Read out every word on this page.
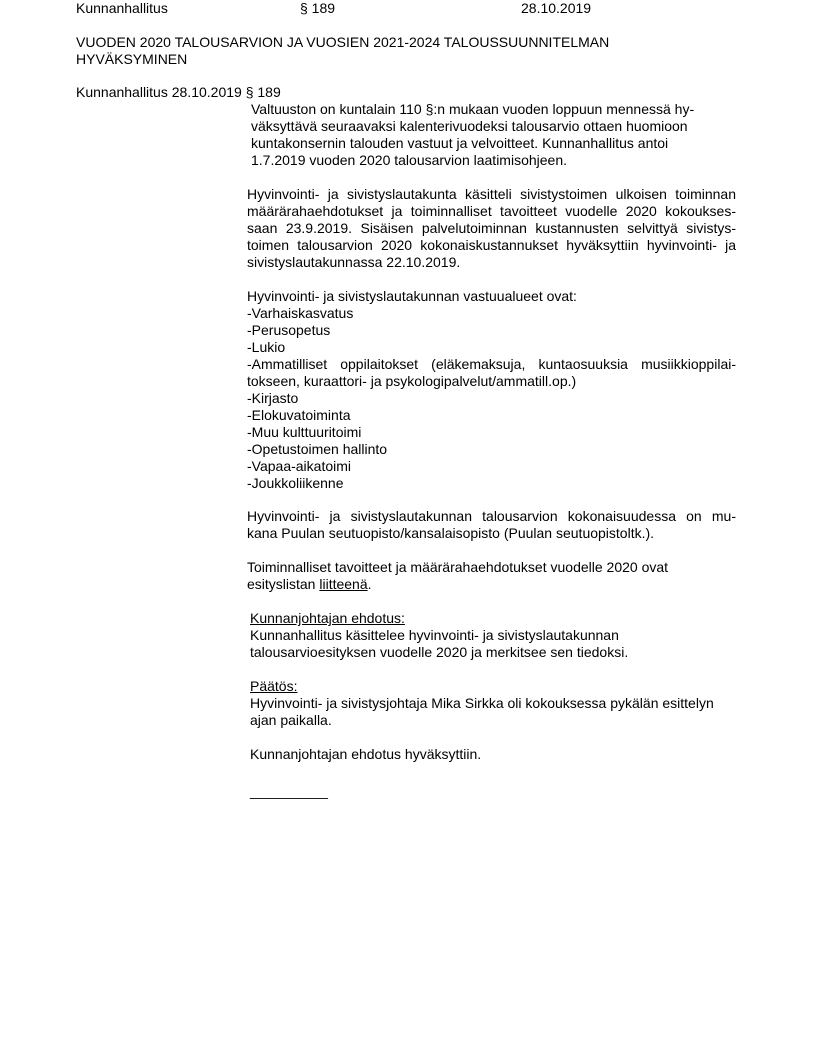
Kunnanhallitus	§ 189	28.10.2019
VUODEN 2020 TALOUSARVION JA VUOSIEN 2021-2024 TALOUSSUUNNITELMAN
HYVÄKSYMINEN
Kunnanhallitus 28.10.2019 § 189
Valtuuston on kuntalain 110 §:n mukaan vuoden loppuun mennessä hy-
väksyttävä seuraavaksi kalenterivuodeksi talousarvio ottaen huomioon
kuntakonsernin talouden vastuut ja velvoitteet. Kunnanhallitus antoi
1.7.2019 vuoden 2020 talousarvion laatimisohjeen.
Hyvinvointi- ja sivistyslautakunta käsitteli sivistystoimen ulkoisen toiminnan
määrärahaehdotukset ja toiminnalliset tavoitteet vuodelle 2020 kokoukses-
saan 23.9.2019. Sisäisen palvelutoiminnan kustannusten selvittyä sivistys-
toimen talousarvion 2020 kokonaiskustannukset hyväksyttiin hyvinvointi- ja
sivistyslautakunnassa 22.10.2019.
Hyvinvointi- ja sivistyslautakunnan vastuualueet ovat:
-Varhaiskasvatus
-Perusopetus
-Lukio
-Ammatilliset oppilaitokset (eläkemaksuja, kuntaosuuksia musiikkioppilai-
tokseen, kuraattori- ja psykologipalvelut/ammatill.op.)
-Kirjasto
-Elokuvatoiminta
-Muu kulttuuritoimi
-Opetustoimen hallinto
-Vapaa-aikatoimi
-Joukkoliikenne
Hyvinvointi- ja sivistyslautakunnan talousarvion kokonaisuudessa on mu-
kana Puulan seutuopisto/kansalaisopisto (Puulan seutuopistoltk.).
Toiminnalliset tavoitteet ja määrärahaehdotukset vuodelle 2020 ovat
esityslistan liitteenä.
Kunnanjohtajan ehdotus:
Kunnanhallitus käsittelee hyvinvointi- ja sivistyslautakunnan
talousarvioesityksen vuodelle 2020 ja merkitsee sen tiedoksi.
Päätös:
Hyvinvointi- ja sivistysjohtaja Mika Sirkka oli kokouksessa pykälän esittelyn
ajan paikalla.
Kunnanjohtajan ehdotus hyväksyttiin.
__________
